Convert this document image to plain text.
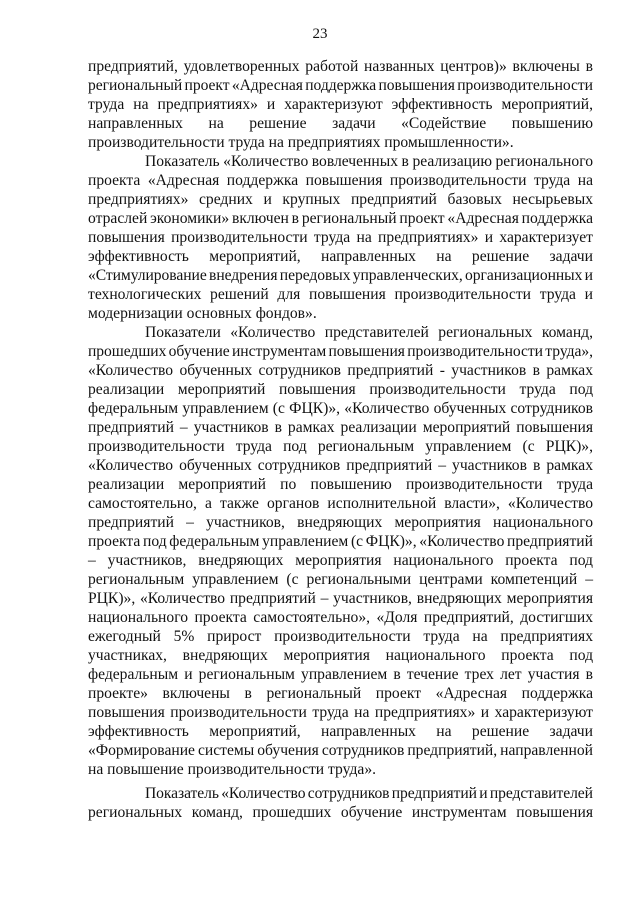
23
предприятий, удовлетворенных работой названных центров)» включены в
региональный проект «Адресная поддержка повышения производительности
труда на предприятиях» и характеризуют эффективность мероприятий,
направленных на решение задачи «Содействие повышению
производительности труда на предприятиях промышленности».
Показатель «Количество вовлеченных в реализацию регионального
проекта «Адресная поддержка повышения производительности труда на
предприятиях» средних и крупных предприятий базовых несырьевых
отраслей экономики» включен в региональный проект «Адресная поддержка
повышения производительности труда на предприятиях» и характеризует
эффективность мероприятий, направленных на решение задачи
«Стимулирование внедрения передовых управленческих, организационных и
технологических решений для повышения производительности труда и
модернизации основных фондов».
Показатели «Количество представителей региональных команд,
прошедших обучение инструментам повышения производительности труда»,
«Количество обученных сотрудников предприятий - участников в рамках
реализации мероприятий повышения производительности труда под
федеральным управлением (с ФЦК)», «Количество обученных сотрудников
предприятий – участников в рамках реализации мероприятий повышения
производительности труда под региональным управлением (с РЦК)»,
«Количество обученных сотрудников предприятий – участников в рамках
реализации мероприятий по повышению производительности труда
самостоятельно, а также органов исполнительной власти», «Количество
предприятий – участников, внедряющих мероприятия национального
проекта под федеральным управлением (с ФЦК)», «Количество предприятий
– участников, внедряющих мероприятия национального проекта под
региональным управлением (с региональными центрами компетенций –
РЦК)», «Количество предприятий – участников, внедряющих мероприятия
национального проекта самостоятельно», «Доля предприятий, достигших
ежегодный 5% прирост производительности труда на предприятиях
участниках, внедряющих мероприятия национального проекта под
федеральным и региональным управлением в течение трех лет участия в
проекте» включены в региональный проект «Адресная поддержка
повышения производительности труда на предприятиях» и характеризуют
эффективность мероприятий, направленных на решение задачи
«Формирование системы обучения сотрудников предприятий, направленной
на повышение производительности труда».
Показатель «Количество сотрудников предприятий и представителей
региональных команд, прошедших обучение инструментам повышения
